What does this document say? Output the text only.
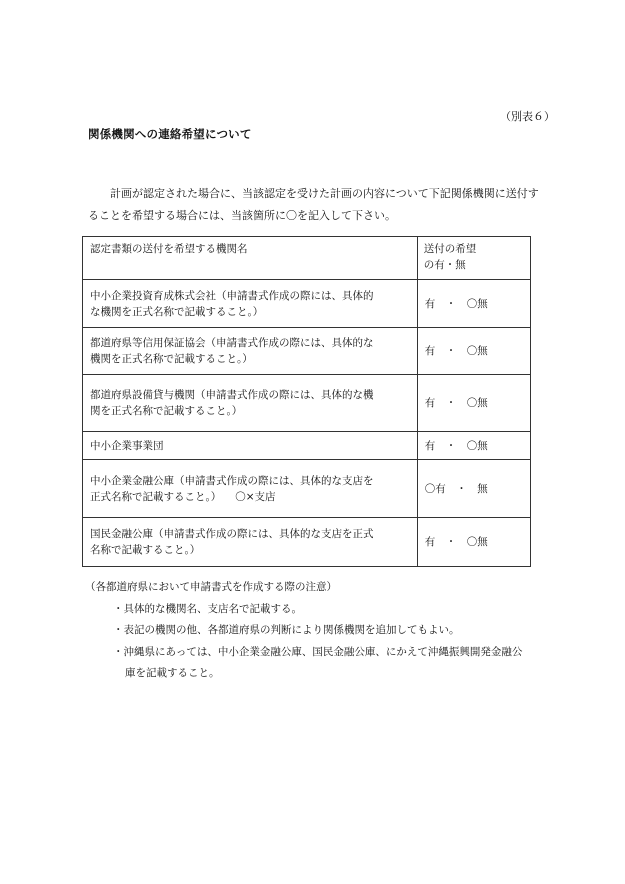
（別表６）
関係機関への連絡希望について

　　計画が認定された場合に、当該認定を受けた計画の内容について下記関係機関に送付す

ることを希望する場合には、当該箇所に〇を記入して下さい。

認定書類の送付を希望する機関名	送付の希望
の有・無

中小企業投資育成株式会社（申請書式作成の際には、具体的
な機関を正式名称で記載すること。）	有　・　〇無

都道府県等信用保証協会（申請書式作成の際には、具体的な
機関を正式名称で記載すること。）	有　・　〇無

都道府県設備貸与機関（申請書式作成の際には、具体的な機
関を正式名称で記載すること。）	有　・　〇無

中小企業事業団	有　・　〇無

中小企業金融公庫（申請書式作成の際には、具体的な支店を
正式名称で記載すること。） 〇×支店	〇有　・　無

国民金融公庫（申請書式作成の際には、具体的な支店を正式
名称で記載すること。）	有　・　〇無
（各都道府県において申請書式を作成する際の注意）
・具体的な機関名、支店名で記載する。
・表記の機関の他、各都道府県の判断により関係機関を追加してもよい。
・沖縄県にあっては、中小企業金融公庫、国民金融公庫、にかえて沖縄振興開発金融公
庫を記載すること。
